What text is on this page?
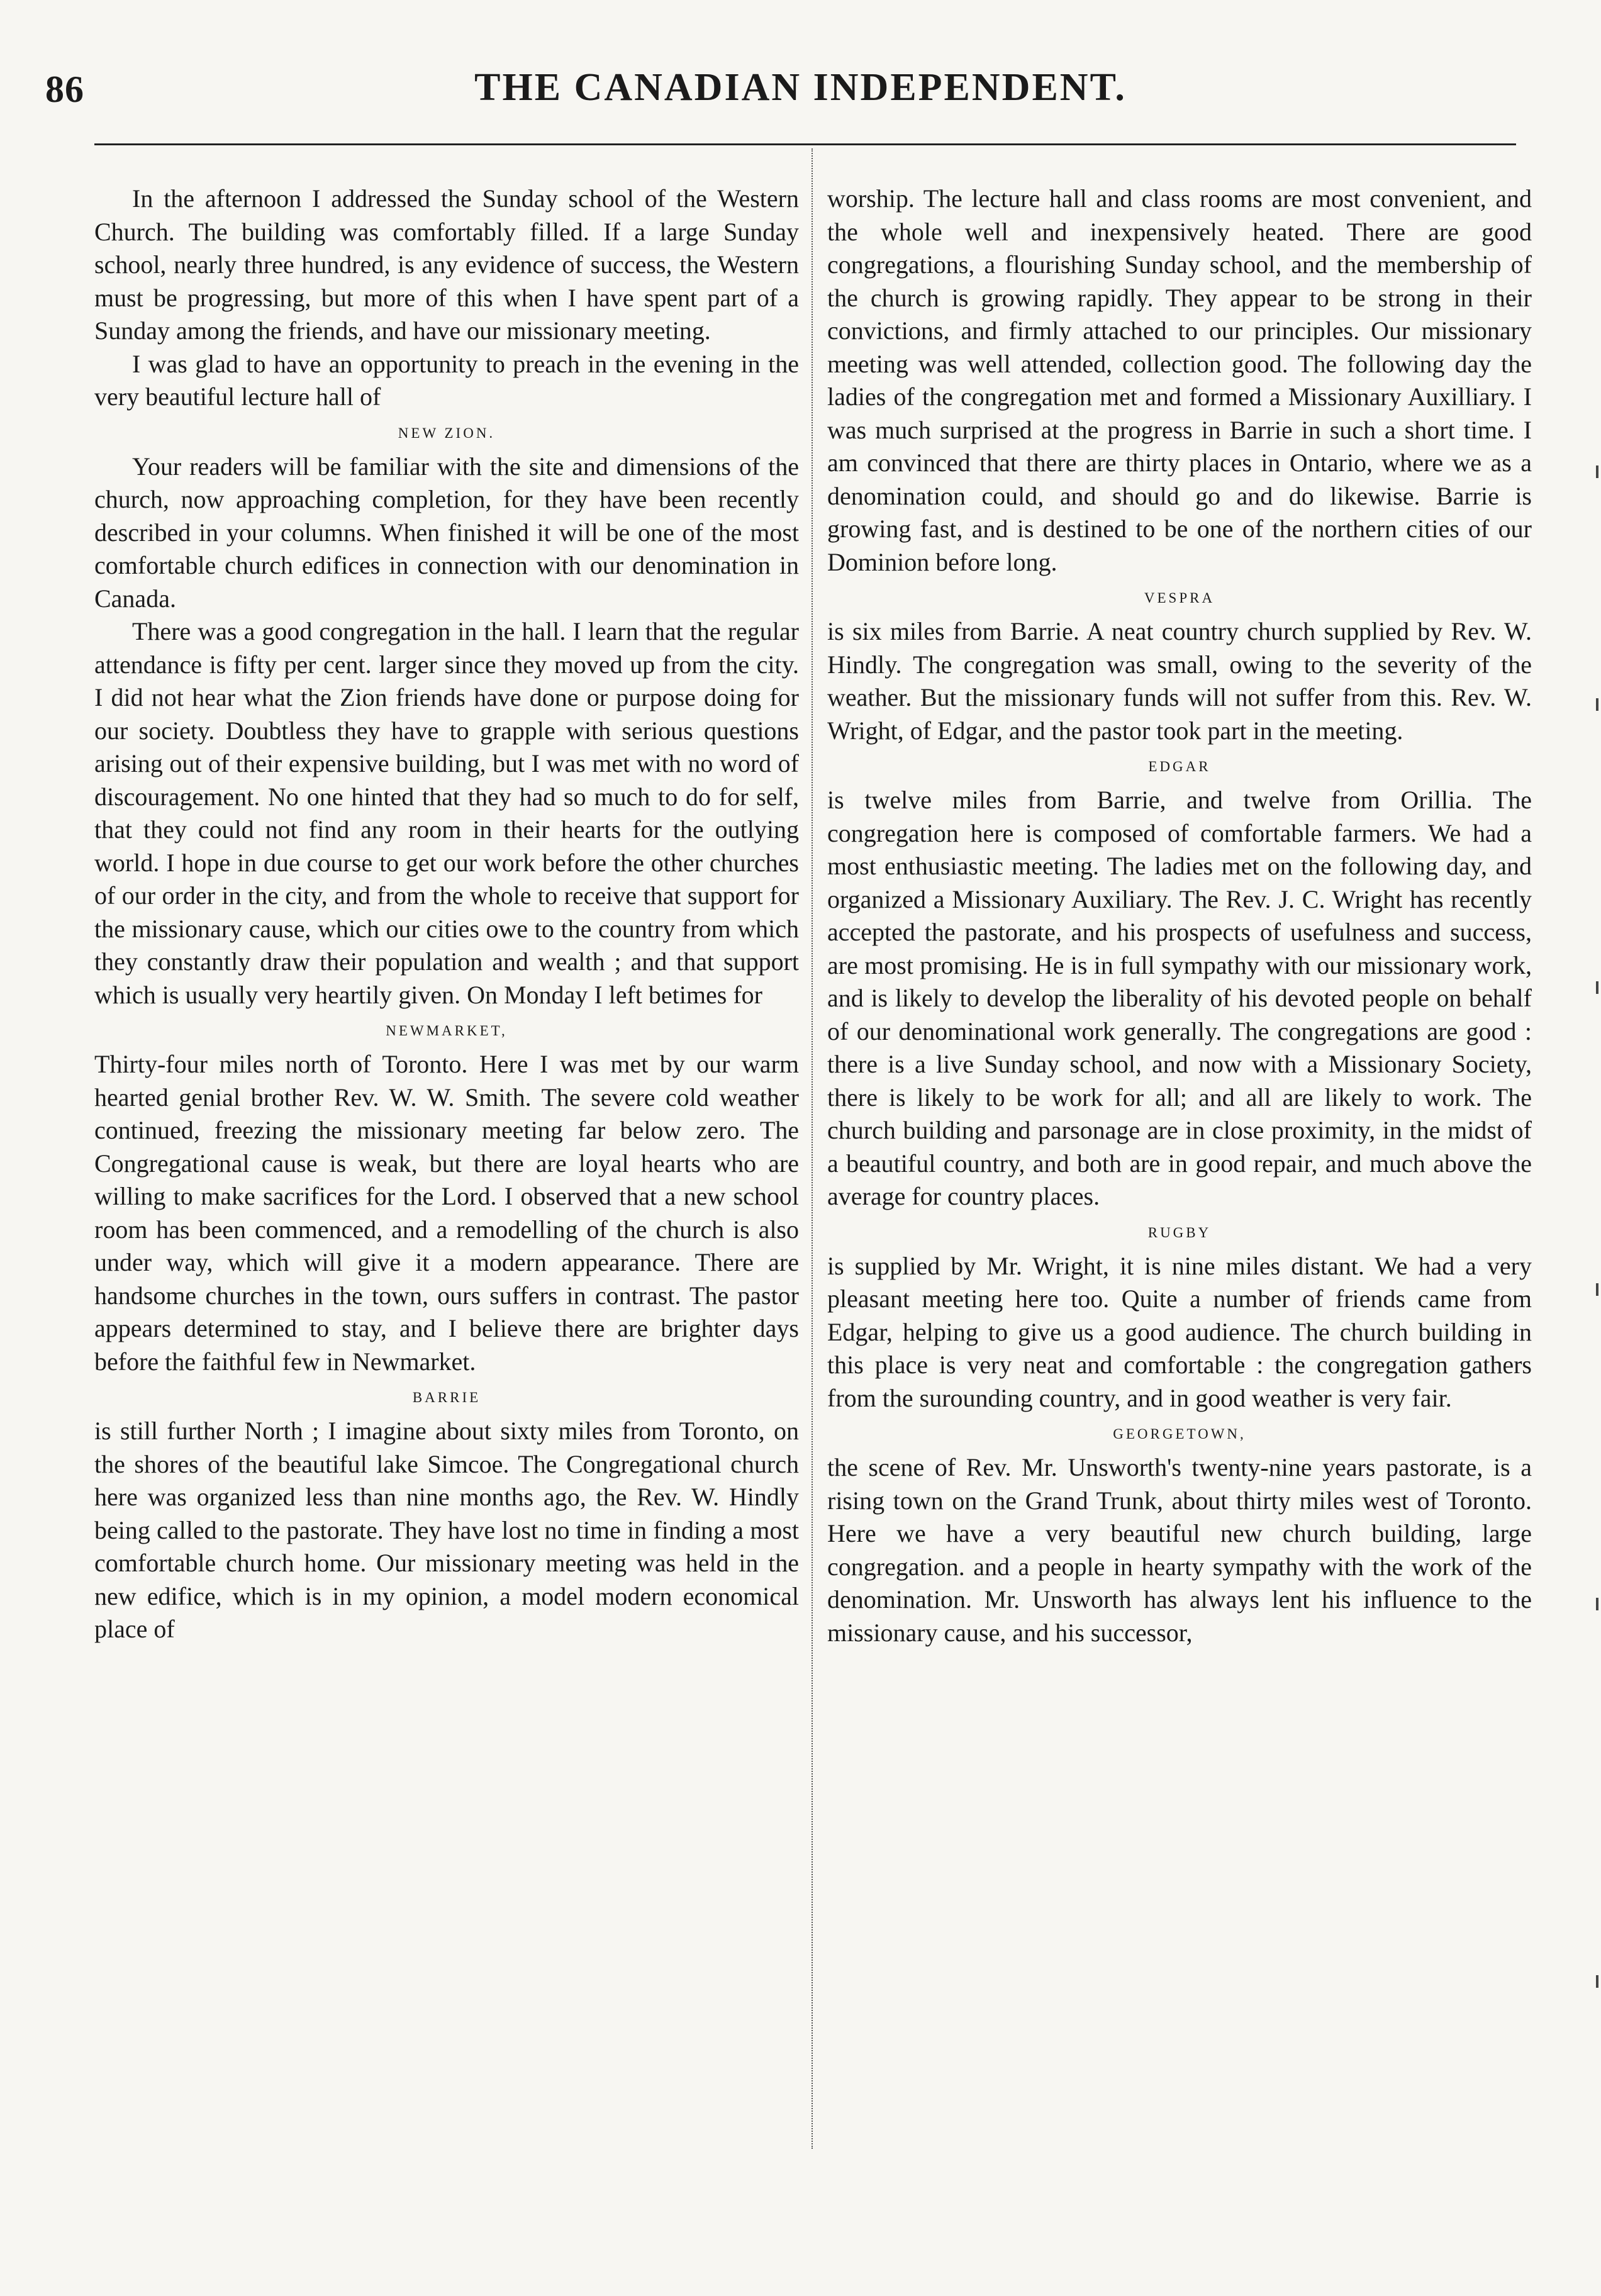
86	THE CANADIAN INDEPENDENT.

In the afternoon I addressed the Sunday school of the Western Church. The building was comfortably filled. If a large Sunday school, nearly three hundred, is any evidence of success, the Western must be progressing, but more of this when I have spent part of a Sunday among the friends, and have our missionary meeting.

I was glad to have an opportunity to preach in the evening in the very beautiful lecture hall of

NEW ZION.

Your readers will be familiar with the site and dimensions of the church, now approaching completion, for they have been recently described in your columns. When finished it will be one of the most comfortable church edifices in connection with our denomination in Canada.

There was a good congregation in the hall. I learn that the regular attendance is fifty per cent. larger since they moved up from the city. I did not hear what the Zion friends have done or purpose doing for our society. Doubtless they have to grapple with serious questions arising out of their expensive building, but I was met with no word of discouragement. No one hinted that they had so much to do for self, that they could not find any room in their hearts for the outlying world. I hope in due course to get our work before the other churches of our order in the city, and from the whole to receive that support for the missionary cause, which our cities owe to the country from which they constantly draw their population and wealth ; and that support which is usually very heartily given. On Monday I left betimes for

NEWMARKET,

Thirty-four miles north of Toronto. Here I was met by our warm hearted genial brother Rev. W. W. Smith. The severe cold weather continued, freezing the missionary meeting far below zero. The Congregational cause is weak, but there are loyal hearts who are willing to make sacrifices for the Lord. I observed that a new school room has been commenced, and a remodelling of the church is also under way, which will give it a modern appearance. There are handsome churches in the town, ours suffers in contrast. The pastor appears determined to stay, and I believe there are brighter days before the faithful few in Newmarket.

BARRIE

is still further North ; I imagine about sixty miles from Toronto, on the shores of the beautiful lake Simcoe. The Congregational church here was organized less than nine months ago, the Rev. W. Hindly being called to the pastorate. They have lost no time in finding a most comfortable church home. Our missionary meeting was held in the new edifice, which is in my opinion, a model modern economical place of

worship. The lecture hall and class rooms are most convenient, and the whole well and inexpensively heated. There are good congregations, a flourishing Sunday school, and the membership of the church is growing rapidly. They appear to be strong in their convictions, and firmly attached to our principles. Our missionary meeting was well attended, collection good. The following day the ladies of the congregation met and formed a Missionary Auxilliary. I was much surprised at the progress in Barrie in such a short time. I am convinced that there are thirty places in Ontario, where we as a denomination could, and should go and do likewise. Barrie is growing fast, and is destined to be one of the northern cities of our Dominion before long.

VESPRA

is six miles from Barrie. A neat country church supplied by Rev. W. Hindly. The congregation was small, owing to the severity of the weather. But the missionary funds will not suffer from this. Rev. W. Wright, of Edgar, and the pastor took part in the meeting.

EDGAR

is twelve miles from Barrie, and twelve from Orillia. The congregation here is composed of comfortable farmers. We had a most enthusiastic meeting. The ladies met on the following day, and organized a Missionary Auxiliary. The Rev. J. C. Wright has recently accepted the pastorate, and his prospects of usefulness and success, are most promising. He is in full sympathy with our missionary work, and is likely to develop the liberality of his devoted people on behalf of our denominational work generally. The congregations are good : there is a live Sunday school, and now with a Missionary Society, there is likely to be work for all; and all are likely to work. The church building and parsonage are in close proximity, in the midst of a beautiful country, and both are in good repair, and much above the average for country places.

RUGBY

is supplied by Mr. Wright, it is nine miles distant. We had a very pleasant meeting here too. Quite a number of friends came from Edgar, helping to give us a good audience. The church building in this place is very neat and comfortable : the congregation gathers from the surounding country, and in good weather is very fair.

GEORGETOWN,

the scene of Rev. Mr. Unsworth's twenty-nine years pastorate, is a rising town on the Grand Trunk, about thirty miles west of Toronto. Here we have a very beautiful new church building, large congregation. and a people in hearty sympathy with the work of the denomination. Mr. Unsworth has always lent his influence to the missionary cause, and his successor,
